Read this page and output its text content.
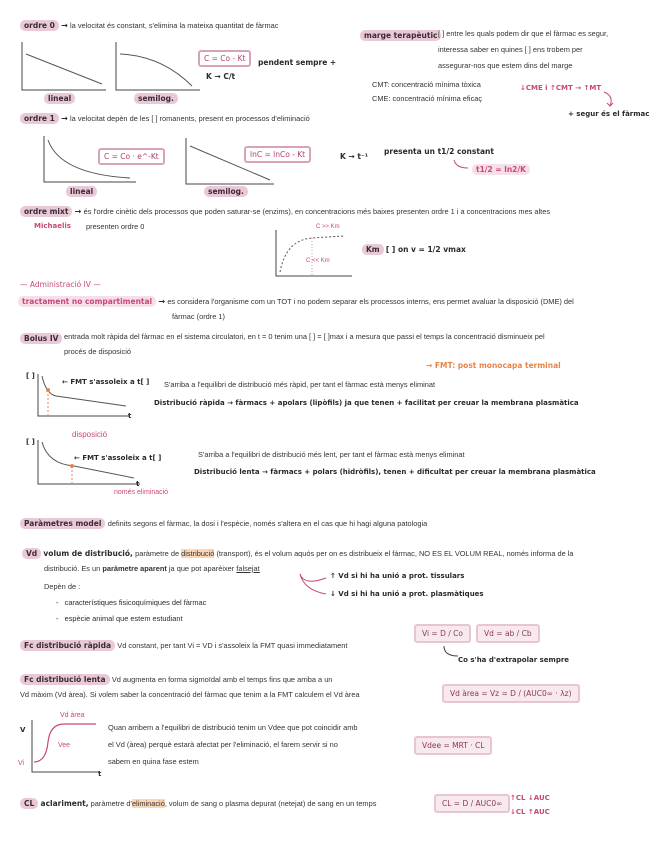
ordre 0 → la velocitat és constant, s'elimina la mateixa quantitat de fàrmac
lineal	semilog.
C = Co - Kt
K → C/t
pendent sempre +
marge terapèutic [ ] entre les quals podem dir que el fàrmac es segur,
interessa saber en quines [ ] ens trobem per
assegurar-nos que estem dins del marge
CMT: concentració mínima tòxica
CME: concentració mínima eficaç
↓CME i ↑CMT → ↑MT
+ segur és el fàrmac
ordre 1 → la velocitat depèn de les [ ] romanents, present en processos d'eliminació
lineal
C = Co · e^-Kt
semilog.
lnC = lnCo - Kt	K → t⁻¹
presenta un t1/2 constant
t1/2 = ln2/K
ordre mixt → és l'ordre cinètic dels processos que poden saturar-se (enzims), en concentracions més baixes presenten ordre 1 i a concentracions mes altes
Michaelis presenten ordre 0	C >> Km
C << Km
Km [ ] on v = 1/2 vmax
— Administració IV —
tractament no compartimental → es considera l'organisme com un TOT i no podem separar els processos interns, ens permet avaluar la disposició (DME) del
fàrmac (ordre 1)
Bolus IV entrada molt ràpida del fàrmac en el sistema circulatori, en t = 0 tenim una [ ] = [ ]max i a mesura que passi el temps la concentració disminueix pel
procés de disposició
→ FMT: post monocapa terminal
[ ]
t
← FMT s'assoleix a t[ ] S'arriba a l'equilibri de distribució més ràpid, per tant el fàrmac està menys eliminat
Distribució ràpida → fàrmacs + apolars (lipòfils) ja que tenen + facilitat per creuar la membrana plasmàtica
[ ]
t
disposició
← FMT s'assoleix a t[ ]
només eliminació
S'arriba a l'equilibri de distribució més lent, per tant el fàrmac està menys eliminat
Distribució lenta → fàrmacs + polars (hidròfils), tenen + dificultat per creuar la membrana plasmàtica
Paràmetres model definits segons el fàrmac, la dosi i l'espècie, només s'altera en el cas que hi hagi alguna patologia
Vd volum de distribució, paràmetre de distribució (transport), és el volum aquós per on es distribueix el fàrmac, NO ES EL VOLUM REAL, només informa de la
distribució. Es un paràmetre aparent ja que pot aparèixer falsejat
↑ Vd si hi ha unió a prot. tissulars
↓ Vd si hi ha unió a prot. plasmàtiques
Depèn de :
-   característiques fisicoquímiques del fàrmac
-   espècie animal que estem estudiant
Fc distribució ràpida Vd constant, per tant Vi = VD i s'assoleix la FMT quasi immediatament
Vi = D / Co	Vd = ab / Cb
Co s'ha d'extrapolar sempre
Fc distribució lenta Vd augmenta en forma sigmoïdal amb el temps fins que arriba a un
Vd màxim (Vd àrea). Si volem saber la concentració del fàrmac que tenim a la FMT calculem el Vd àrea	Vd àrea = Vz = D / (AUC0∞ · λz)
V
Vd àrea
Vee
Vi
t
Quan arribem a l'equilibri de distribució tenim un Vdee que pot coincidir amb
el Vd (àrea) perquè estarà afectat per l'eliminació, el farem servir si no
sabem en quina fase estem
Vdee = MRT · CL
CL aclariment, paràmetre d'eliminació, volum de sang o plasma depurat (netejat) de sang en un temps	CL = D / AUC0∞
↑CL ↓AUC
↓CL ↑AUC
